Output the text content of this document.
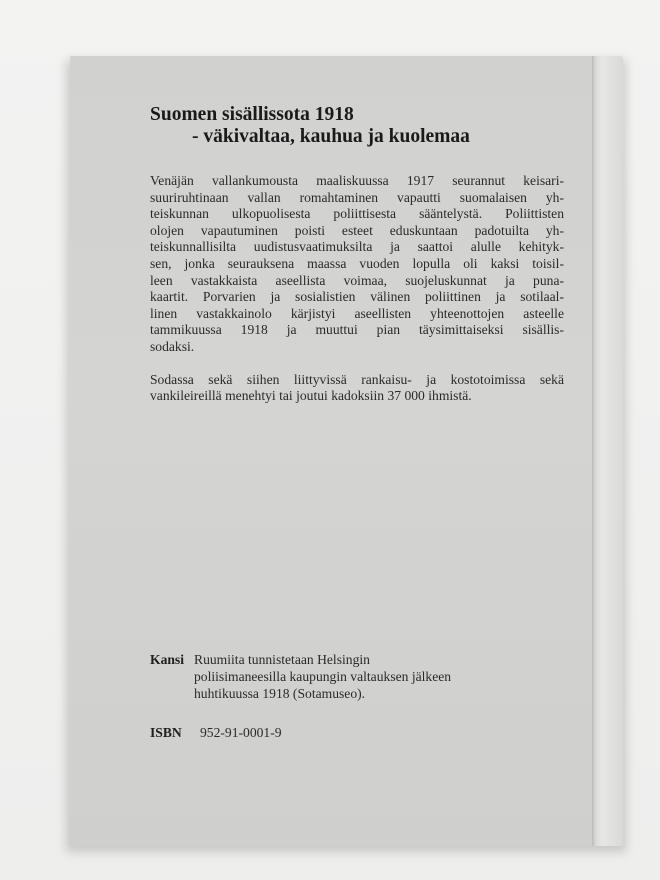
Suomen sisällissota 1918
- väkivaltaa, kauhua ja kuolemaa
Venäjän vallankumousta maaliskuussa 1917 seurannut keisari-
suuriruhtinaan vallan romahtaminen vapautti suomalaisen yh-
teiskunnan ulkopuolisesta poliittisesta sääntelystä. Poliittisten
olojen vapautuminen poisti esteet eduskuntaan padotuilta yh-
teiskunnallisilta uudistusvaatimuksilta ja saattoi alulle kehityk-
sen, jonka seurauksena maassa vuoden lopulla oli kaksi toisil-
leen vastakkaista aseellista voimaa, suojeluskunnat ja puna-
kaartit. Porvarien ja sosialistien välinen poliittinen ja sotilaal-
linen vastakkainolo kärjistyi aseellisten yhteenottojen asteelle
tammikuussa 1918 ja muuttui pian täysimittaiseksi sisällis-
sodaksi.
Sodassa sekä siihen liittyvissä rankaisu- ja kostotoimissa sekä
vankileireillä menehtyi tai joutui kadoksiin 37 000 ihmistä.
Kansi Ruumiita tunnistetaan Helsingin
poliisimaneesilla kaupungin valtauksen jälkeen
huhtikuussa 1918 (Sotamuseo).
ISBN	952-91-0001-9
